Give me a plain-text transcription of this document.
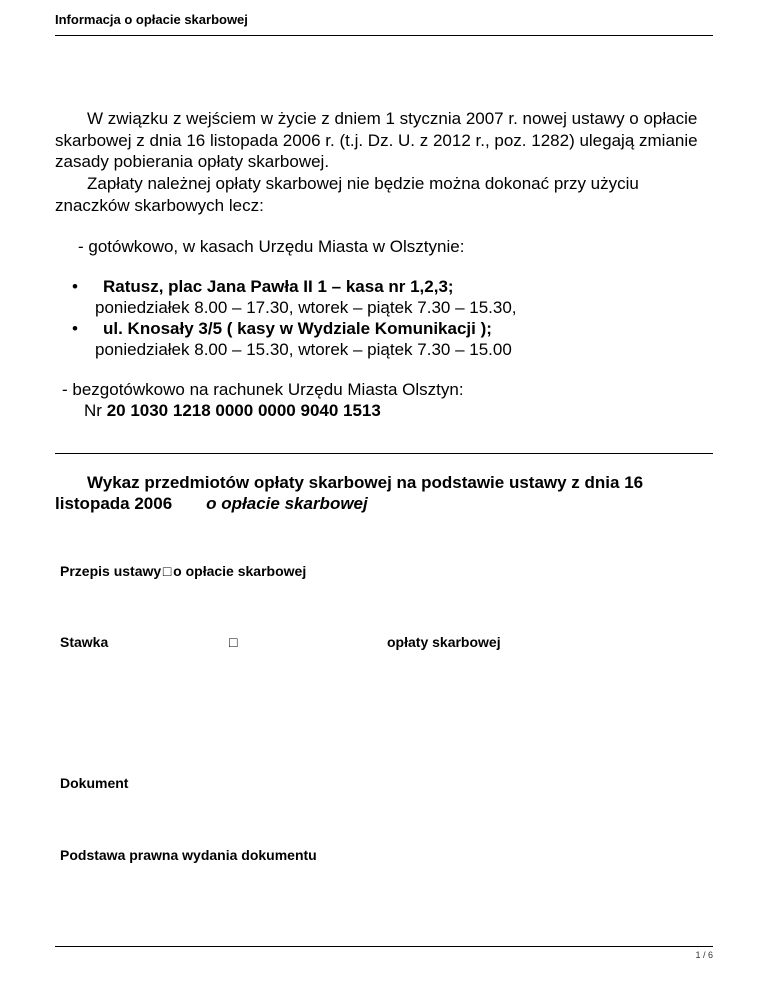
Informacja o opłacie skarbowej

W związku z wejściem w życie z dniem 1 stycznia 2007 r. nowej ustawy o opłacie skarbowej z dnia 16 listopada 2006 r. (t.j. Dz. U. z 2012 r., poz. 1282) ulegają zmianie zasady pobierania opłaty skarbowej.

Zapłaty należnej opłaty skarbowej nie będzie można dokonać przy użyciu znaczków skarbowych lecz:

- gotówkowo, w kasach Urzędu Miasta w Olsztynie:
• Ratusz, plac Jana Pawła II 1 – kasa nr 1,2,3;
poniedziałek 8.00 – 17.30, wtorek – piątek 7.30 – 15.30,
• ul. Knosały 3/5 ( kasy w Wydziale Komunikacji );
poniedziałek 8.00 – 15.30, wtorek – piątek 7.30 – 15.00
- bezgotówkowo na rachunek Urzędu Miasta Olsztyn:
Nr 20 1030 1218 0000 0000 9040 1513
Wykaz przedmiotów opłaty skarbowej na podstawie ustawy z dnia 16 listopada 2006 o opłacie skarbowej
Przepis ustawy □ o opłacie skarbowej
Stawka	□	opłaty skarbowej
Dokument
Podstawa prawna wydania dokumentu
1 / 6
